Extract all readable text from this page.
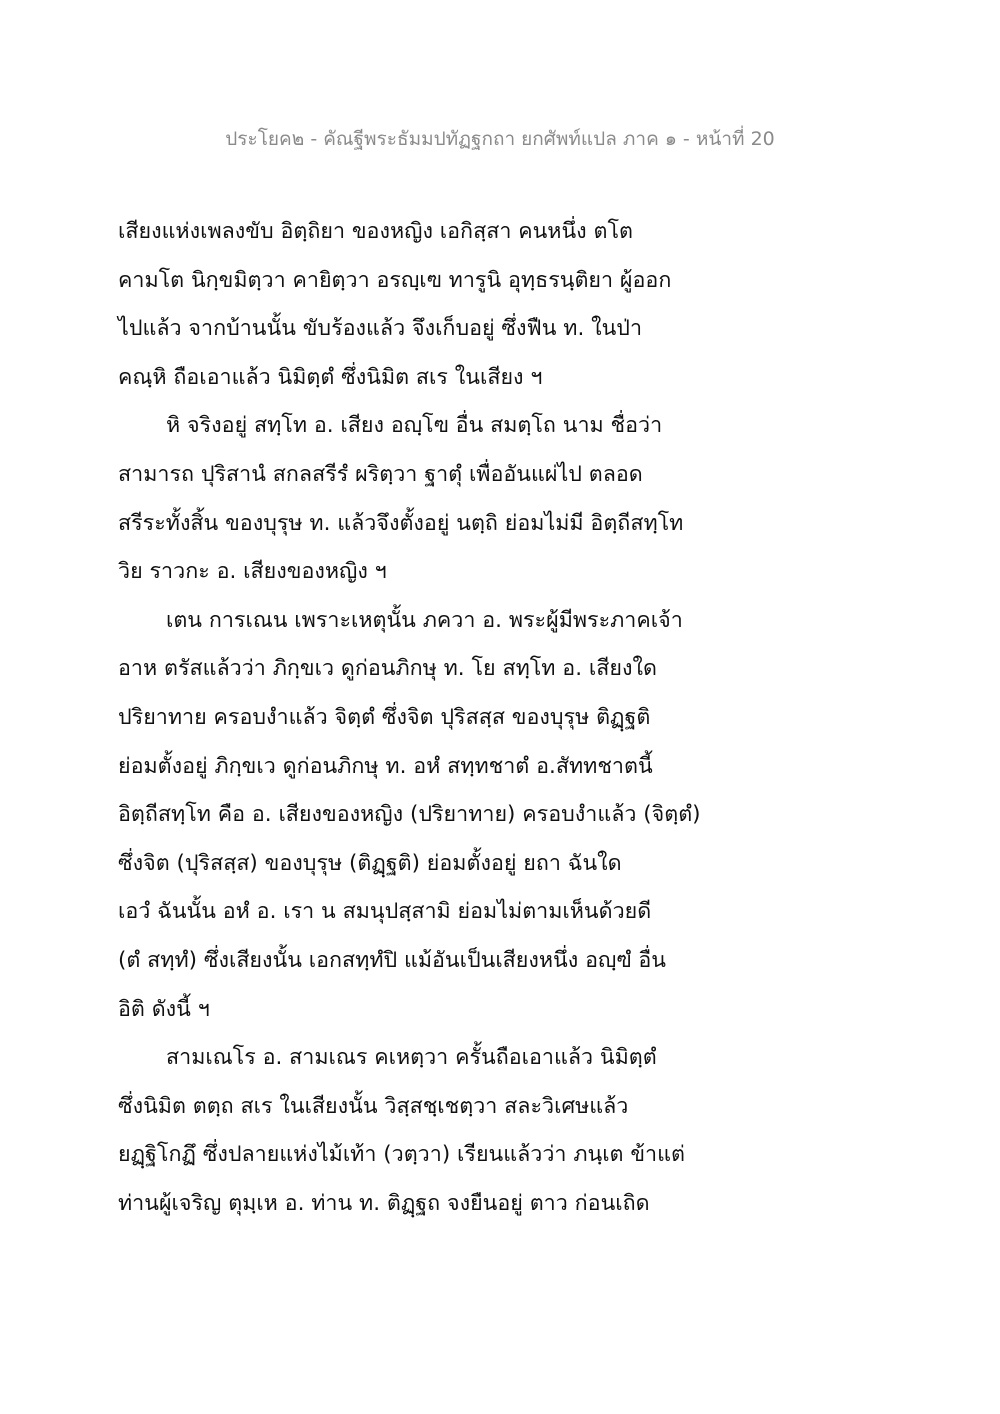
ประโยค๒ - คัณฐีพระธัมมปทัฏฐกถา ยกศัพท์แปล ภาค ๑ - หน้าที่ 20
เสียงแห่งเพลงขับ อิตฺถิยา ของหญิง เอกิสฺสา คนหนึ่ง ตโต
คามโต นิกฺขมิตฺวา คายิตฺวา อรญฺเฃ ทารูนิ อุทฺธรนฺติยา ผู้ออก
ไปแล้ว จากบ้านนั้น ขับร้องแล้ว จึงเก็บอยู่ ซึ่งฟืน ท. ในป่า
คณฺหิ ถือเอาแล้ว นิมิตฺตํ ซึ่งนิมิต สเร ในเสียง ฯ
หิ จริงอยู่ สทฺโท อ. เสียง อญฺโฃ อื่น สมตฺโถ นาม ชื่อว่า
สามารถ ปุริสานํ สกลสรีรํ ผริตฺวา ฐาตุํ เพื่ออันแผ่ไป ตลอด
สรีระทั้งสิ้น ของบุรุษ ท. แล้วจึงตั้งอยู่ นตฺถิ ย่อมไม่มี อิตฺถีสทฺโท
วิย ราวกะ อ. เสียงของหญิง ฯ
เตน การเณน เพราะเหตุนั้น ภควา อ. พระผู้มีพระภาคเจ้า
อาห ตรัสแล้วว่า ภิกฺขเว ดูก่อนภิกษุ ท. โย สทฺโท อ. เสียงใด
ปริยาทาย ครอบงำแล้ว จิตฺตํ ซึ่งจิต ปุริสสฺส ของบุรุษ ติฏฺฐติ
ย่อมตั้งอยู่ ภิกฺขเว ดูก่อนภิกษุ ท. อหํ สทฺทชาตํ อ.สัททชาตนี้
อิตฺถีสทฺโท คือ อ. เสียงของหญิง (ปริยาทาย) ครอบงำแล้ว (จิตฺตํ)
ซึ่งจิต (ปุริสสฺส) ของบุรุษ (ติฏฺฐติ) ย่อมตั้งอยู่ ยถา ฉันใด
เอวํ ฉันนั้น อหํ อ. เรา น สมนุปสฺสามิ ย่อมไม่ตามเห็นด้วยดี
(ตํ สทฺทํ) ซึ่งเสียงนั้น เอกสทฺทํปิ แม้อันเป็นเสียงหนึ่ง อญฺฃํ อื่น
อิติ ดังนี้ ฯ
สามเณโร อ. สามเณร คเหตฺวา ครั้นถือเอาแล้ว นิมิตฺตํ
ซึ่งนิมิต ตตฺถ สเร ในเสียงนั้น วิสฺสชฺเชตฺวา สละวิเศษแล้ว
ยฏฺฐิโกฏึ ซึ่งปลายแห่งไม้เท้า (วตฺวา) เรียนแล้วว่า ภนฺเต ข้าแต่
ท่านผู้เจริญ ตุมฺเห อ. ท่าน ท. ติฏฺฐถ จงยืนอยู่ ตาว ก่อนเถิด
